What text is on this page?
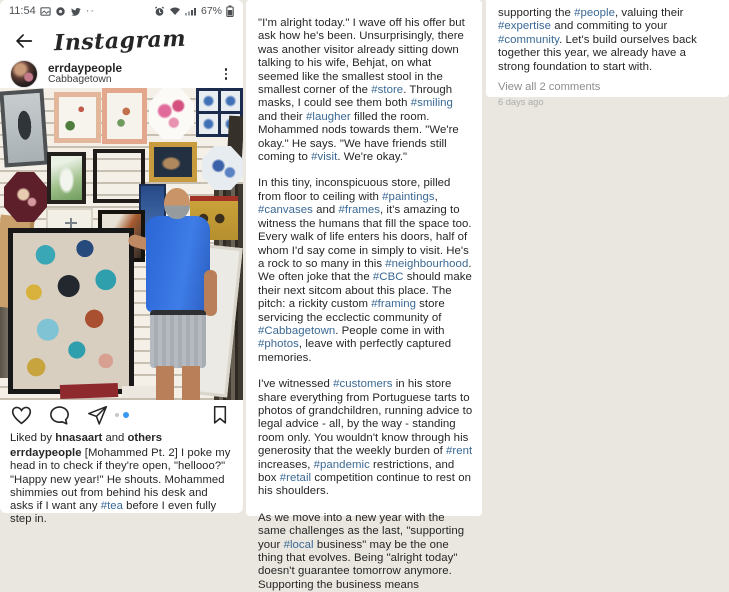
11:54	··	67%
Instagram
errdaypeople
Cabbagetown
Liked by hnasaart and others
errdaypeople [Mohammed Pt. 2] I poke my head in to check if they're open, "hellooo?" "Happy new year!" He shouts. Mohammed shimmies out from behind his desk and asks if I want any #tea before I even fully step in.

"I'm alright today." I wave off his offer but ask how he's been. Unsurprisingly, there was another visitor already sitting down talking to his wife, Behjat, on what seemed like the smallest stool in the smallest corner of the #store. Through masks, I could see them both #smiling and their #laugher filled the room. Mohammed nods towards them. "We're okay." He says. "We have friends still coming to #visit. We're okay."

In this tiny, inconspicuous store, pilled from floor to ceiling with #paintings, #canvases and #frames, it's amazing to witness the humans that fill the space too. Every walk of life enters his doors, half of whom I'd say come in simply to visit. He's a rock to so many in this #neighbourhood. We often joke that the #CBC should make their next sitcom about this place. The pitch: a rickity custom #framing store servicing the ecclectic community of #Cabbagetown. People come in with #photos, leave with perfectly captured memories.

I've witnessed #customers in his store share everything from Portuguese tarts to photos of grandchildren, running advice to legal advice - all, by the way - standing room only. You wouldn't know through his generosity that the weekly burden of #rent increases, #pandemic restrictions, and box #retail competition continue to rest on his shoulders.

As we move into a new year with the same challenges as the last, "supporting your #local business" may be the one thing that evolves. Being "alright today" doesn't guarantee tomorrow anymore. Supporting the business means

supporting the #people, valuing their #expertise and commiting to your #community. Let's build ourselves back together this year, we already have a strong foundation to start with.

View all 2 comments
6 days ago
